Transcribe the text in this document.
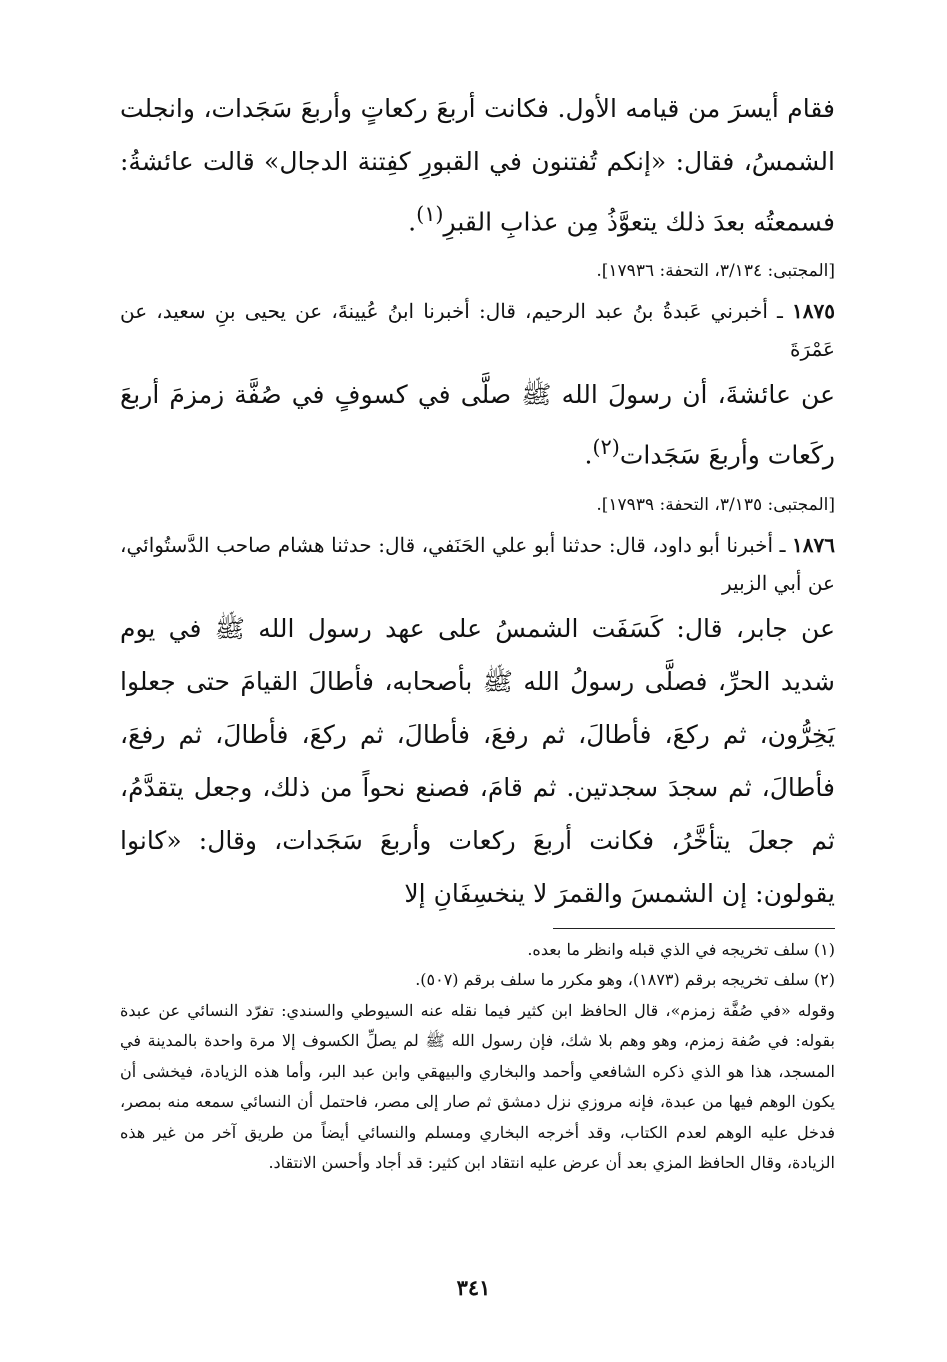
فقام أيسرَ من قيامه الأول. فكانت أربعَ ركعاتٍ وأربعَ سَجَدات، وانجلت الشمسُ، فقال: «إنكم تُفتنون في القبورِ كفِتنة الدجال» قالت عائشةُ: فسمعتُه بعدَ ذلك يتعوَّذُ مِن عذابِ القبرِ$^{(١)}$.

[المجتبى: ٣/١٣٤، التحفة: ١٧٩٣٦].

١٨٧٥ ـ أخبرني عَبدةُ بنُ عبد الرحيم، قال: أخبرنا ابنُ عُيينةَ، عن يحيى بنِ سعيد، عن عَمْرَةَ

عن عائشةَ، أن رسولَ الله ﷺ صلَّى في كسوفٍ في صُفَّة زمزمَ أربعَ ركَعات وأربعَ سَجَدات$^{(٢)}$.

[المجتبى: ٣/١٣٥، التحفة: ١٧٩٣٩].

١٨٧٦ ـ أخبرنا أبو داود، قال: حدثنا أبو علي الحَنَفي، قال: حدثنا هشام صاحب الدَّستُوائي، عن أبي الزبير

عن جابر، قال: كَسَفَت الشمسُ على عهد رسول الله ﷺ في يوم شديد الحرِّ، فصلَّى رسولُ الله ﷺ بأصحابه، فأطالَ القيامَ حتى جعلوا يَخِرُّون، ثم ركعَ، فأطالَ، ثم رفعَ، فأطالَ، ثم ركعَ، فأطالَ، ثم رفعَ، فأطالَ، ثم سجدَ سجدتين. ثم قامَ، فصنع نحواً من ذلك، وجعل يتقدَّمُ، ثم جعلَ يتأخَّرُ، فكانت أربعَ ركعات وأربعَ سَجَدات، وقال: «كانوا يقولون: إن الشمسَ والقمرَ لا ينخسِفَانِ إلا

(١) سلف تخريجه في الذي قبله وانظر ما بعده.

(٢) سلف تخريجه برقم (١٨٧٣)، وهو مكرر ما سلف برقم (٥٠٧).

وقوله «في صُفَّة زمزم»، قال الحافظ ابن كثير فيما نقله عنه السيوطي والسندي: تفرّد النسائي عن عبدة بقوله: في صُفة زمزم، وهو وهم بلا شك، فإن رسول الله ﷺ لم يصلِّ الكسوف إلا مرة واحدة بالمدينة في المسجد، هذا هو الذي ذكره الشافعي وأحمد والبخاري والبيهقي وابن عبد البر، وأما هذه الزيادة، فيخشى أن يكون الوهم فيها من عبدة، فإنه مروزي نزل دمشق ثم صار إلى مصر، فاحتمل أن النسائي سمعه منه بمصر، فدخل عليه الوهم لعدم الكتاب، وقد أخرجه البخاري ومسلم والنسائي أيضاً من طريق آخر من غير هذه الزيادة، وقال الحافظ المزي بعد أن عرض عليه انتقاد ابن كثير: قد أجاد وأحسن الانتقاد.

٣٤١
